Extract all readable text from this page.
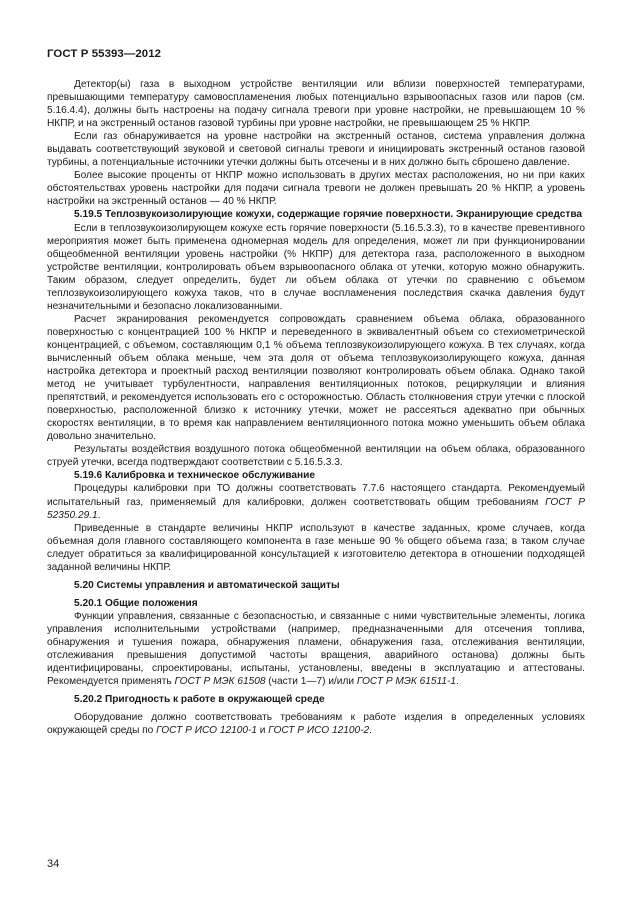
ГОСТ Р 55393—2012

Детектор(ы) газа в выходном устройстве вентиляции или вблизи поверхностей температурами, превышающими температуру самовоспламенения любых потенциально взрывоопасных газов или паров (см. 5.16.4.4), должны быть настроены на подачу сигнала тревоги при уровне настройки, не превышающем 10 % НКПР, и на экстренный останов газовой турбины при уровне настройки, не превышающем 25 % НКПР.

Если газ обнаруживается на уровне настройки на экстренный останов, система управления должна выдавать соответствующий звуковой и световой сигналы тревоги и инициировать экстренный останов газовой турбины, а потенциальные источники утечки должны быть отсечены и в них должно быть сброшено давление.

Более высокие проценты от НКПР можно использовать в других местах расположения, но ни при каких обстоятельствах уровень настройки для подачи сигнала тревоги не должен превышать 20 % НКПР, а уровень настройки на экстренный останов — 40 % НКПР.

5.19.5 Теплозвукоизолирующие кожухи, содержащие горячие поверхности. Экранирующие средства

Если в теплозвукоизолирующем кожухе есть горячие поверхности (5.16.5.3.3), то в качестве превентивного мероприятия может быть применена одномерная модель для определения, может ли при функционировании общеобменной вентиляции уровень настройки (% НКПР) для детектора газа, расположенного в выходном устройстве вентиляции, контролировать объем взрывоопасного облака от утечки, которую можно обнаружить. Таким образом, следует определить, будет ли объем облака от утечки по сравнению с объемом теплозвукоизолирующего кожуха таков, что в случае воспламенения последствия скачка давления будут незначительными и безопасно локализованными.

Расчет экранирования рекомендуется сопровождать сравнением объема облака, образованного поверхностью с концентрацией 100 % НКПР и переведенного в эквивалентный объем со стехиометрической концентрацией, с объемом, составляющим 0,1 % объема теплозвукоизолирующего кожуха. В тех случаях, когда вычисленный объем облака меньше, чем эта доля от объема теплозвукоизолирующего кожуха, данная настройка детектора и проектный расход вентиляции позволяют контролировать объем облака. Однако такой метод не учитывает турбулентности, направления вентиляционных потоков, рециркуляции и влияния препятствий, и рекомендуется использовать его с осторожностью. Область столкновения струи утечки с плоской поверхностью, расположенной близко к источнику утечки, может не рассеяться адекватно при обычных скоростях вентиляции, в то время как направлением вентиляционного потока можно уменьшить объем облака довольно значительно.

Результаты воздействия воздушного потока общеобменной вентиляции на объем облака, образованного струей утечки, всегда подтверждают соответствии с 5.16.5.3.3.

5.19.6 Калибровка и техническое обслуживание

Процедуры калибровки при ТО должны соответствовать 7.7.6 настоящего стандарта. Рекомендуемый испытательный газ, применяемый для калибровки, должен соответствовать общим требованиям ГОСТ Р 52350.29.1.

Приведенные в стандарте величины НКПР используют в качестве заданных, кроме случаев, когда объемная доля главного составляющего компонента в газе меньше 90 % общего объема газа; в таком случае следует обратиться за квалифицированной консультацией к изготовителю детектора в отношении подходящей заданной величины НКПР.

5.20 Системы управления и автоматической защиты

5.20.1 Общие положения

Функции управления, связанные с безопасностью, и связанные с ними чувствительные элементы, логика управления исполнительными устройствами (например, предназначенными для отсечения топлива, обнаружения и тушения пожара, обнаружения пламени, обнаружения газа, отслеживания вентиляции, отслеживания превышения допустимой частоты вращения, аварийного останова) должны быть идентифицированы, спроектированы, испытаны, установлены, введены в эксплуатацию и аттестованы. Рекомендуется применять ГОСТ Р МЭК 61508 (части 1—7) и/или ГОСТ Р МЭК 61511-1.

5.20.2 Пригодность к работе в окружающей среде

Оборудование должно соответствовать требованиям к работе изделия в определенных условиях окружающей среды по ГОСТ Р ИСО 12100-1 и ГОСТ Р ИСО 12100-2.

34
